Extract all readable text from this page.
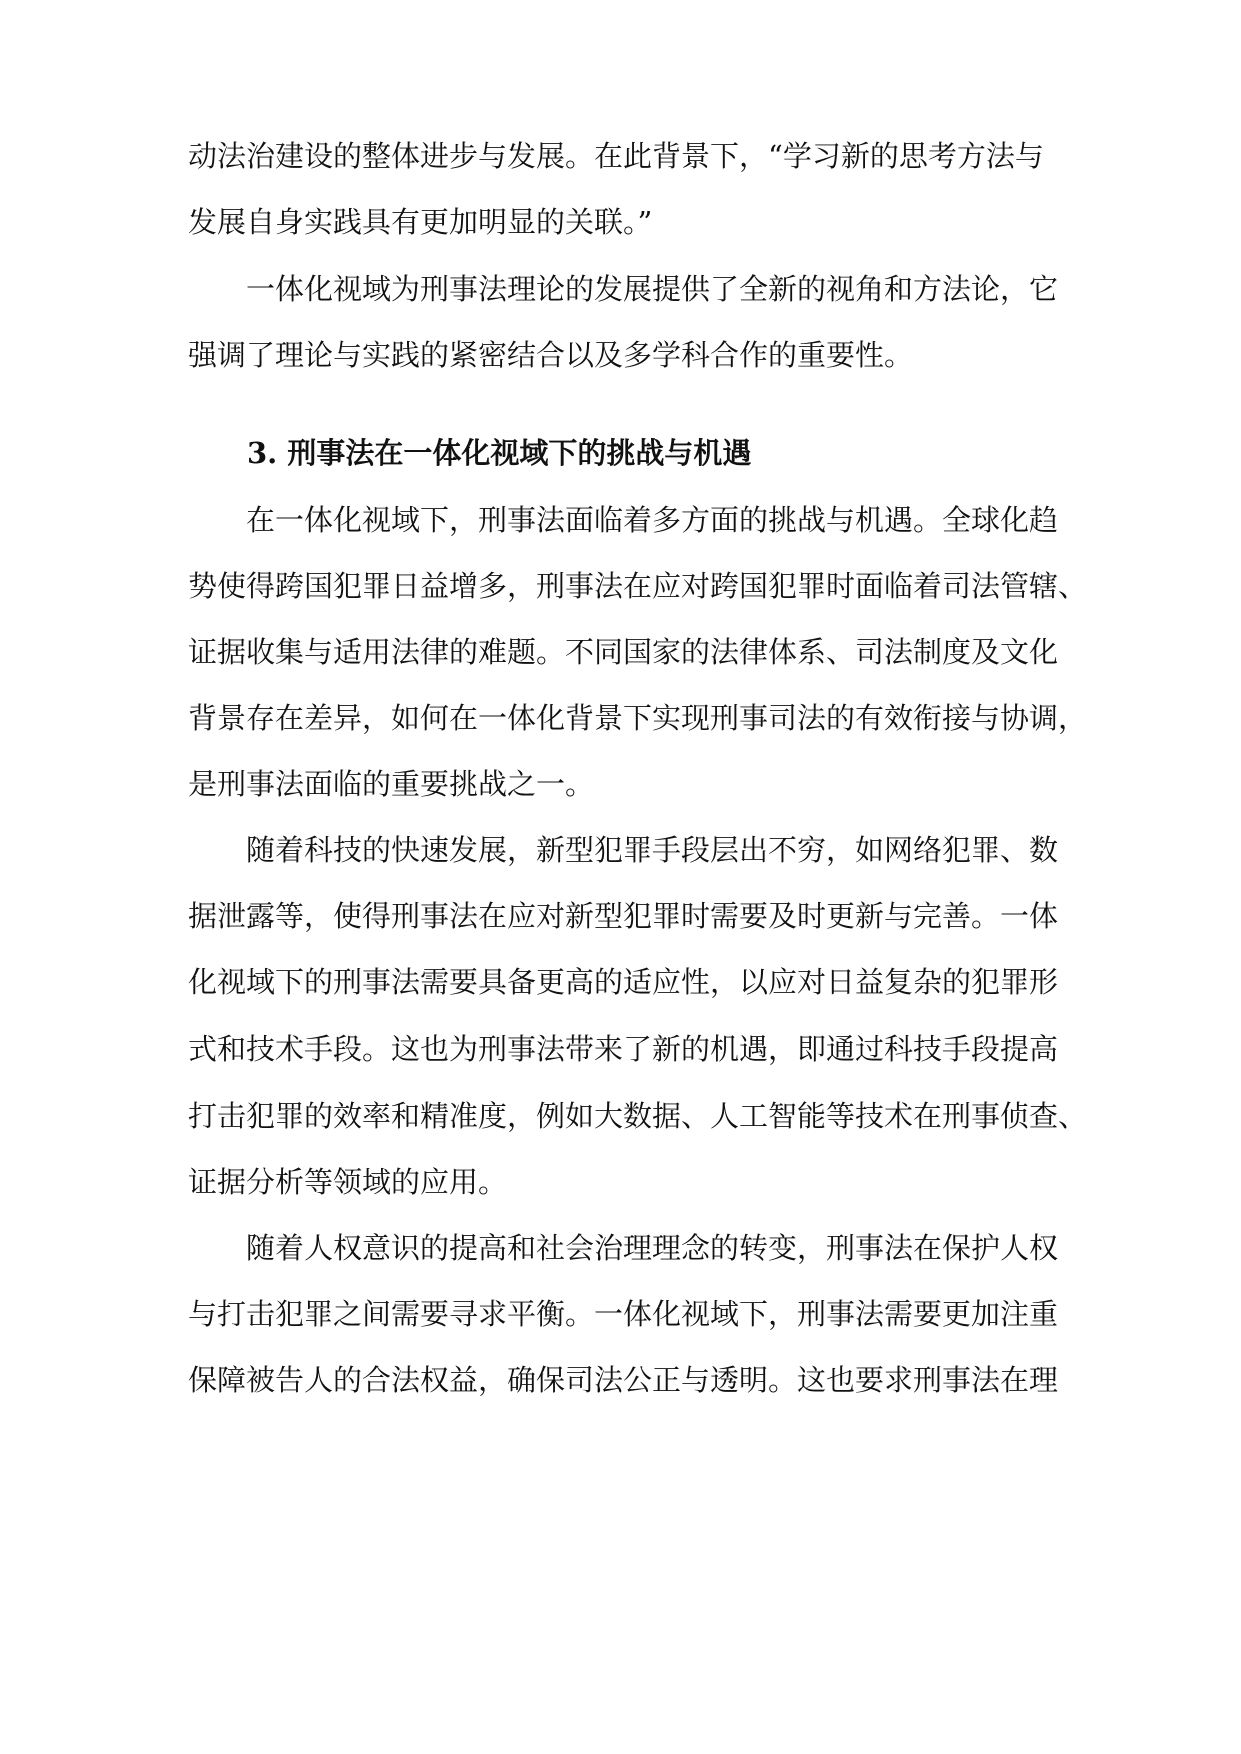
动法治建设的整体进步与发展。在此背景下，“学习新的思考方法与
发展自身实践具有更加明显的关联。”
一体化视域为刑事法理论的发展提供了全新的视角和方法论，它
强调了理论与实践的紧密结合以及多学科合作的重要性。
3. 刑事法在一体化视域下的挑战与机遇
在一体化视域下，刑事法面临着多方面的挑战与机遇。全球化趋
势使得跨国犯罪日益增多，刑事法在应对跨国犯罪时面临着司法管辖、
证据收集与适用法律的难题。不同国家的法律体系、司法制度及文化
背景存在差异，如何在一体化背景下实现刑事司法的有效衔接与协调，
是刑事法面临的重要挑战之一。
随着科技的快速发展，新型犯罪手段层出不穷，如网络犯罪、数
据泄露等，使得刑事法在应对新型犯罪时需要及时更新与完善。一体
化视域下的刑事法需要具备更高的适应性，以应对日益复杂的犯罪形
式和技术手段。这也为刑事法带来了新的机遇，即通过科技手段提高
打击犯罪的效率和精准度，例如大数据、人工智能等技术在刑事侦查、
证据分析等领域的应用。
随着人权意识的提高和社会治理理念的转变，刑事法在保护人权
与打击犯罪之间需要寻求平衡。一体化视域下，刑事法需要更加注重
保障被告人的合法权益，确保司法公正与透明。这也要求刑事法在理
